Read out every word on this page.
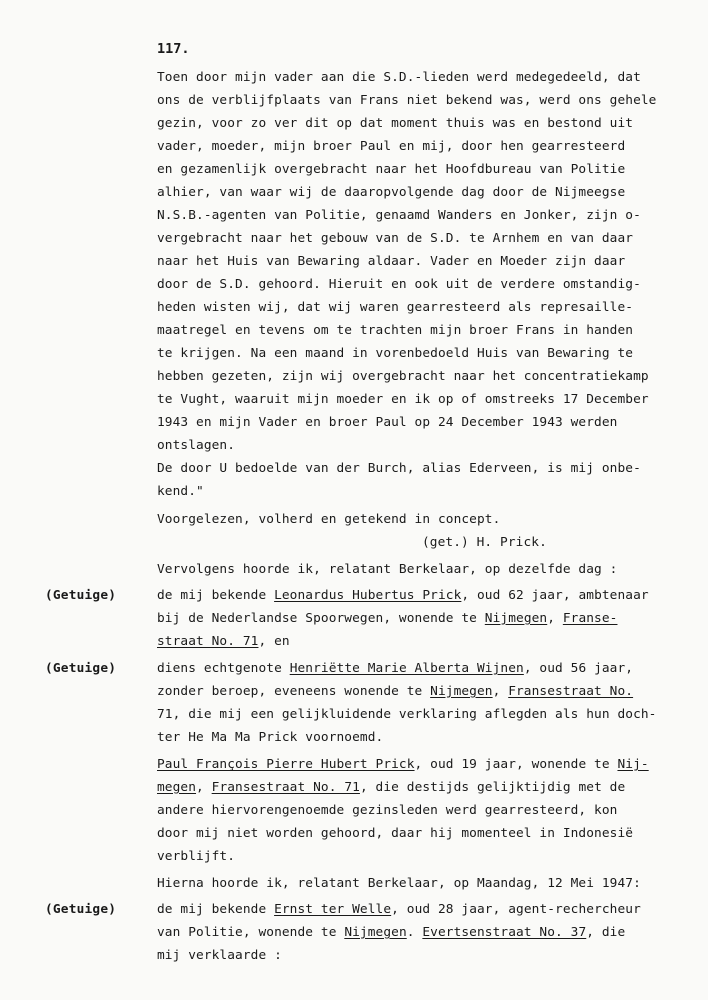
117.
Toen door mijn vader aan die S.D.-lieden werd medegedeeld, dat
ons de verblijfplaats van Frans niet bekend was, werd ons gehele
gezin, voor zo ver dit op dat moment thuis was en bestond uit
vader, moeder, mijn broer Paul en mij, door hen gearresteerd
en gezamenlijk overgebracht naar het Hoofdbureau van Politie
alhier, van waar wij de daaropvolgende dag door de Nijmeegse
N.S.B.-agenten van Politie, genaamd Wanders en Jonker, zijn o-
vergebracht naar het gebouw van de S.D. te Arnhem en van daar
naar het Huis van Bewaring aldaar. Vader en Moeder zijn daar
door de S.D. gehoord. Hieruit en ook uit de verdere omstandig-
heden wisten wij, dat wij waren gearresteerd als represaille-
maatregel en tevens om te trachten mijn broer Frans in handen
te krijgen. Na een maand in vorenbedoeld Huis van Bewaring te
hebben gezeten, zijn wij overgebracht naar het concentratiekamp
te Vught, waaruit mijn moeder en ik op of omstreeks 17 December
1943 en mijn Vader en broer Paul op 24 December 1943 werden
ontslagen.
De door U bedoelde van der Burch, alias Ederveen, is mij onbe-
kend."
Voorgelezen, volherd en getekend in concept.
(get.) H. Prick.
Vervolgens hoorde ik, relatant Berkelaar, op dezelfde dag :
(Getuige)	de mij bekende Leonardus Hubertus Prick, oud 62 jaar, ambtenaar
bij de Nederlandse Spoorwegen, wonende te Nijmegen, Franse-
straat No. 71, en
(Getuige)	diens echtgenote Henriëtte Marie Alberta Wijnen, oud 56 jaar,
zonder beroep, eveneens wonende te Nijmegen, Fransestraat No.
71, die mij een gelijkluidende verklaring aflegden als hun doch-
ter He Ma Ma Prick voornoemd.
Paul François Pierre Hubert Prick, oud 19 jaar, wonende te Nij-
megen, Fransestraat No. 71, die destijds gelijktijdig met de
andere hiervorengenoemde gezinsleden werd gearresteerd, kon
door mij niet worden gehoord, daar hij momenteel in Indonesië
verblijft.
Hierna hoorde ik, relatant Berkelaar, op Maandag, 12 Mei 1947:
(Getuige)	de mij bekende Ernst ter Welle, oud 28 jaar, agent-rechercheur
van Politie, wonende te Nijmegen. Evertsenstraat No. 37, die
mij verklaarde :
